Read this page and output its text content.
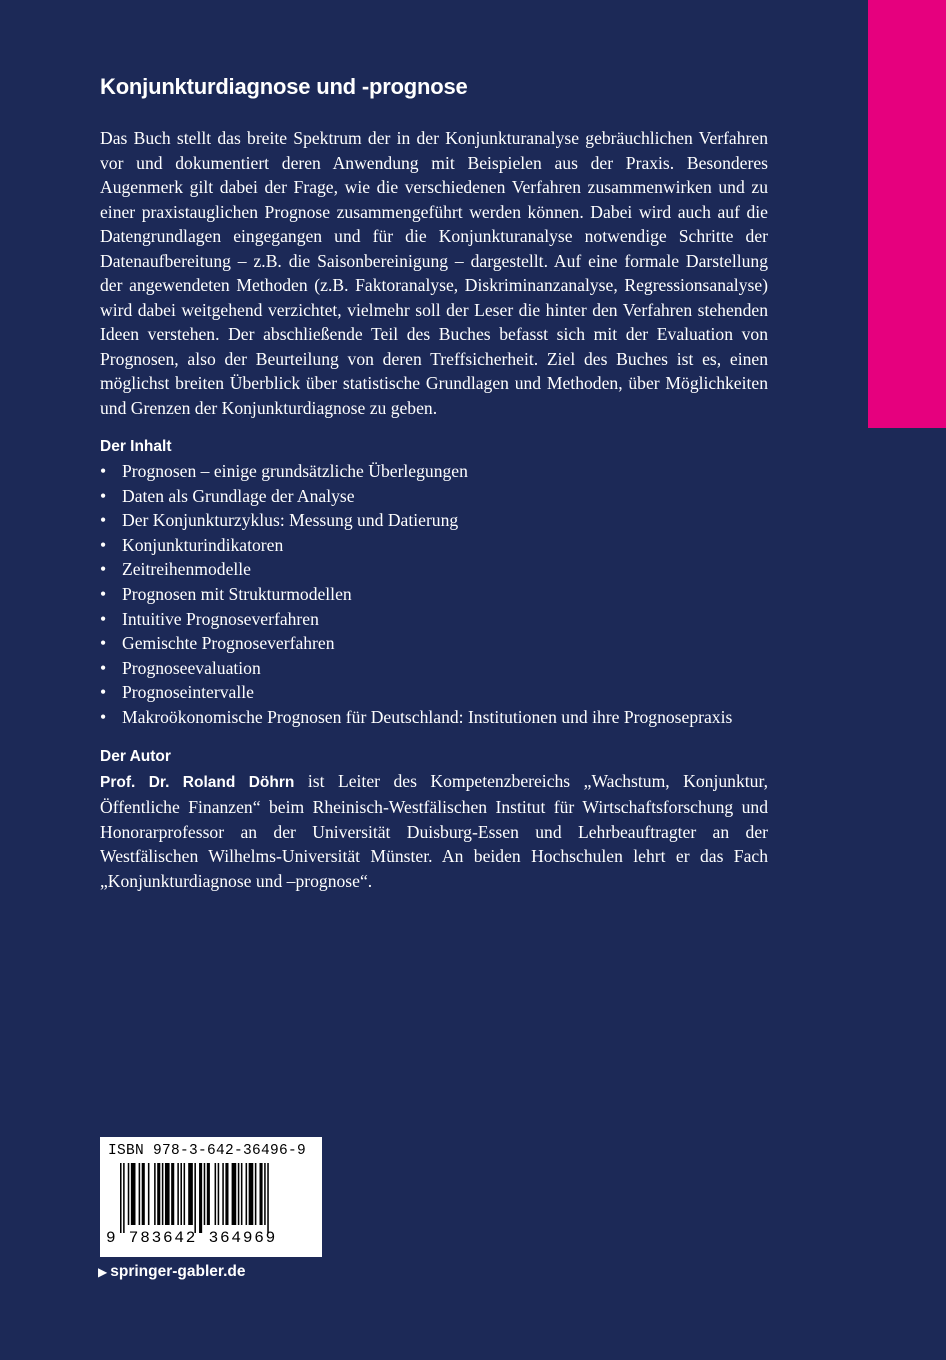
Konjunkturdiagnose und -prognose

Das Buch stellt das breite Spektrum der in der Konjunkturanalyse gebräuchlichen Verfahren vor und dokumentiert deren Anwendung mit Beispielen aus der Praxis. Besonderes Augenmerk gilt dabei der Frage, wie die verschiedenen Verfahren zusammenwirken und zu einer praxistauglichen Prognose zusammengeführt werden können. Dabei wird auch auf die Datengrundlagen eingegangen und für die Konjunkturanalyse notwendige Schritte der Datenaufbereitung – z.B. die Saisonbereinigung – dargestellt. Auf eine formale Darstellung der angewendeten Methoden (z.B. Faktoranalyse, Diskriminanzanalyse, Regressionsanalyse) wird dabei weitgehend verzichtet, vielmehr soll der Leser die hinter den Verfahren stehenden Ideen verstehen. Der abschließende Teil des Buches befasst sich mit der Evaluation von Prognosen, also der Beurteilung von deren Treffsicherheit. Ziel des Buches ist es, einen möglichst breiten Überblick über statistische Grundlagen und Methoden, über Möglichkeiten und Grenzen der Konjunkturdiagnose zu geben.

Der Inhalt
• Prognosen – einige grundsätzliche Überlegungen
• Daten als Grundlage der Analyse
• Der Konjunkturzyklus: Messung und Datierung
• Konjunkturindikatoren
• Zeitreihenmodelle
• Prognosen mit Strukturmodellen
• Intuitive Prognoseverfahren
• Gemischte Prognoseverfahren
• Prognoseevaluation
• Prognoseintervalle
• Makroökonomische Prognosen für Deutschland: Institutionen und ihre Prognosepraxis
Der Autor

Prof. Dr. Roland Döhrn ist Leiter des Kompetenzbereichs „Wachstum, Konjunktur, Öffentliche Finanzen“ beim Rheinisch-Westfälischen Institut für Wirtschaftsforschung und Honorarprofessor an der Universität Duisburg-Essen und Lehrbeauftragter an der Westfälischen Wilhelms-Universität Münster. An beiden Hochschulen lehrt er das Fach „Konjunkturdiagnose und –prognose“.

ISBN 978-3-642-36496-9
9 783642 364969
▶ springer-gabler.de
